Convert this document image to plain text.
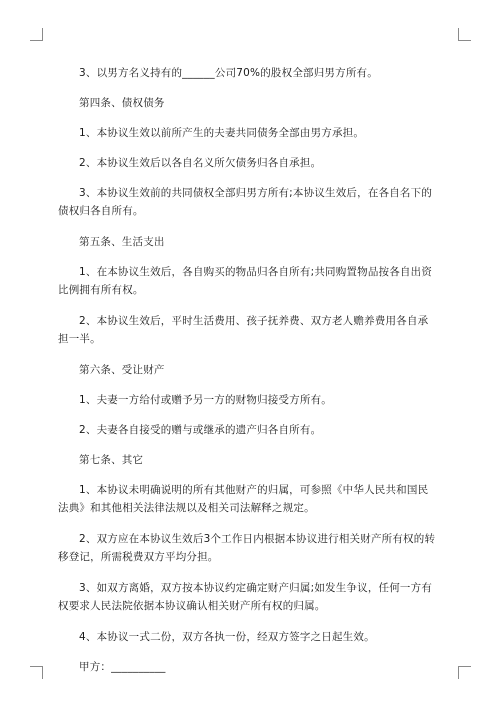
3、以男方名义持有的______公司70%的股权全部归男方所有。

第四条、债权债务

1、本协议生效以前所产生的夫妻共同债务全部由男方承担。

2、本协议生效后以各自名义所欠债务归各自承担。

3、本协议生效前的共同债权全部归男方所有;本协议生效后，在各自名下的债权归各自所有。

第五条、生活支出

1、在本协议生效后，各自购买的物品归各自所有;共同购置物品按各自出资比例拥有所有权。

2、本协议生效后，平时生活费用、孩子抚养费、双方老人赡养费用各自承担一半。

第六条、受让财产

1、夫妻一方给付或赠予另一方的财物归接受方所有。

2、夫妻各自接受的赠与或继承的遗产归各自所有。

第七条、其它

1、本协议未明确说明的所有其他财产的归属，可参照《中华人民共和国民法典》和其他相关法律法规以及相关司法解释之规定。

2、双方应在本协议生效后3个工作日内根据本协议进行相关财产所有权的转移登记，所需税费双方平均分担。

3、如双方离婚，双方按本协议约定确定财产归属;如发生争议，任何一方有权要求人民法院依据本协议确认相关财产所有权的归属。

4、本协议一式二份，双方各执一份，经双方签字之日起生效。

甲方：__________
